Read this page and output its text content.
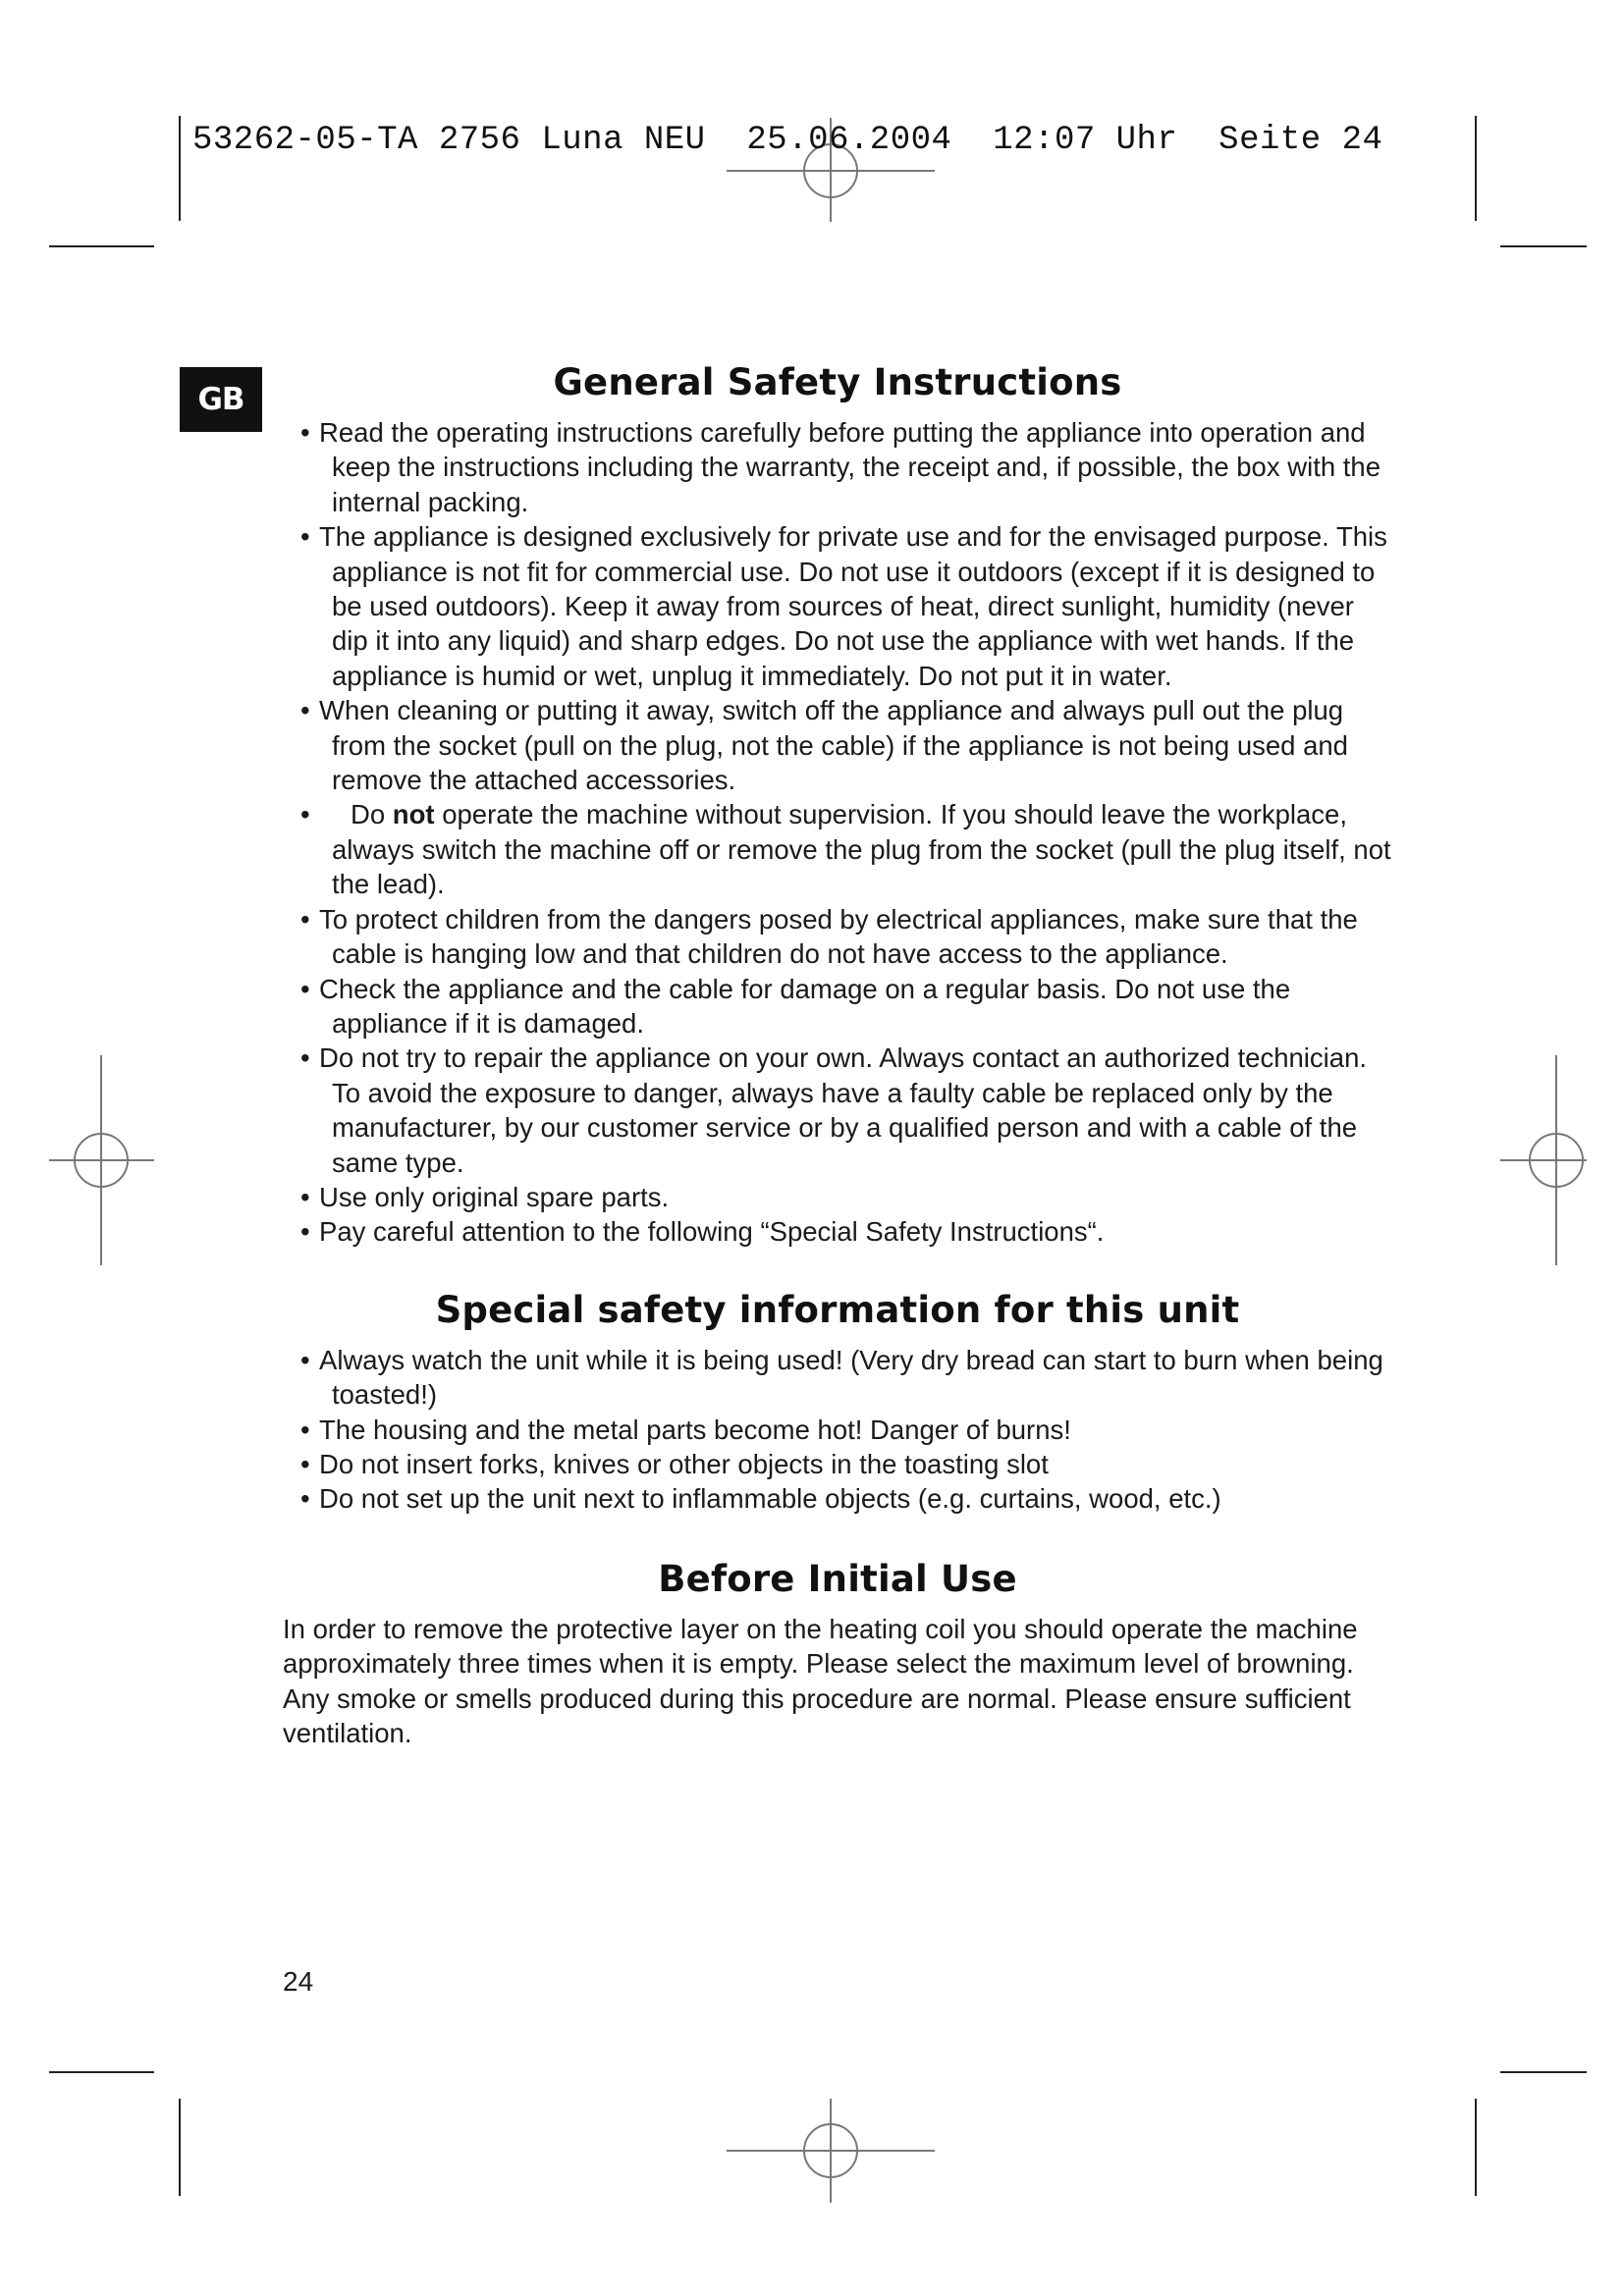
53262-05-TA 2756 Luna NEU  25.06.2004  12:07 Uhr  Seite 24
GB	General Safety Instructions
• Read the operating instructions carefully before putting the appliance into operation and keep the instructions including the warranty, the receipt and, if possible, the box with the internal packing.
• The appliance is designed exclusively for private use and for the envisaged purpose. This appliance is not fit for commercial use. Do not use it outdoors (except if it is designed to be used outdoors). Keep it away from sources of heat, direct sunlight, humidity (never dip it into any liquid) and sharp edges. Do not use the appliance with wet hands. If the appliance is humid or wet, unplug it immediately. Do not put it in water.
• When cleaning or putting it away, switch off the appliance and always pull out the plug from the socket (pull on the plug, not the cable) if the appliance is not being used and remove the attached accessories.
• Do not operate the machine without supervision. If you should leave the workplace, always switch the machine off or remove the plug from the socket (pull the plug itself, not the lead).
• To protect children from the dangers posed by electrical appliances, make sure that the cable is hanging low and that children do not have access to the appliance.
• Check the appliance and the cable for damage on a regular basis. Do not use the appliance if it is damaged.
• Do not try to repair the appliance on your own. Always contact an authorized technician. To avoid the exposure to danger, always have a faulty cable be replaced only by the manufacturer, by our customer service or by a qualified person and with a cable of the same type.
• Use only original spare parts.
• Pay careful attention to the following “Special Safety Instructions“.
Special safety information for this unit
• Always watch the unit while it is being used! (Very dry bread can start to burn when being toasted!)
• The housing and the metal parts become hot! Danger of burns!
• Do not insert forks, knives or other objects in the toasting slot
• Do not set up the unit next to inflammable objects (e.g. curtains, wood, etc.)
Before Initial Use

In order to remove the protective layer on the heating coil you should operate the machine approximately three times when it is empty. Please select the maximum level of browning. Any smoke or smells produced during this procedure are normal. Please ensure sufficient ventilation.

24
